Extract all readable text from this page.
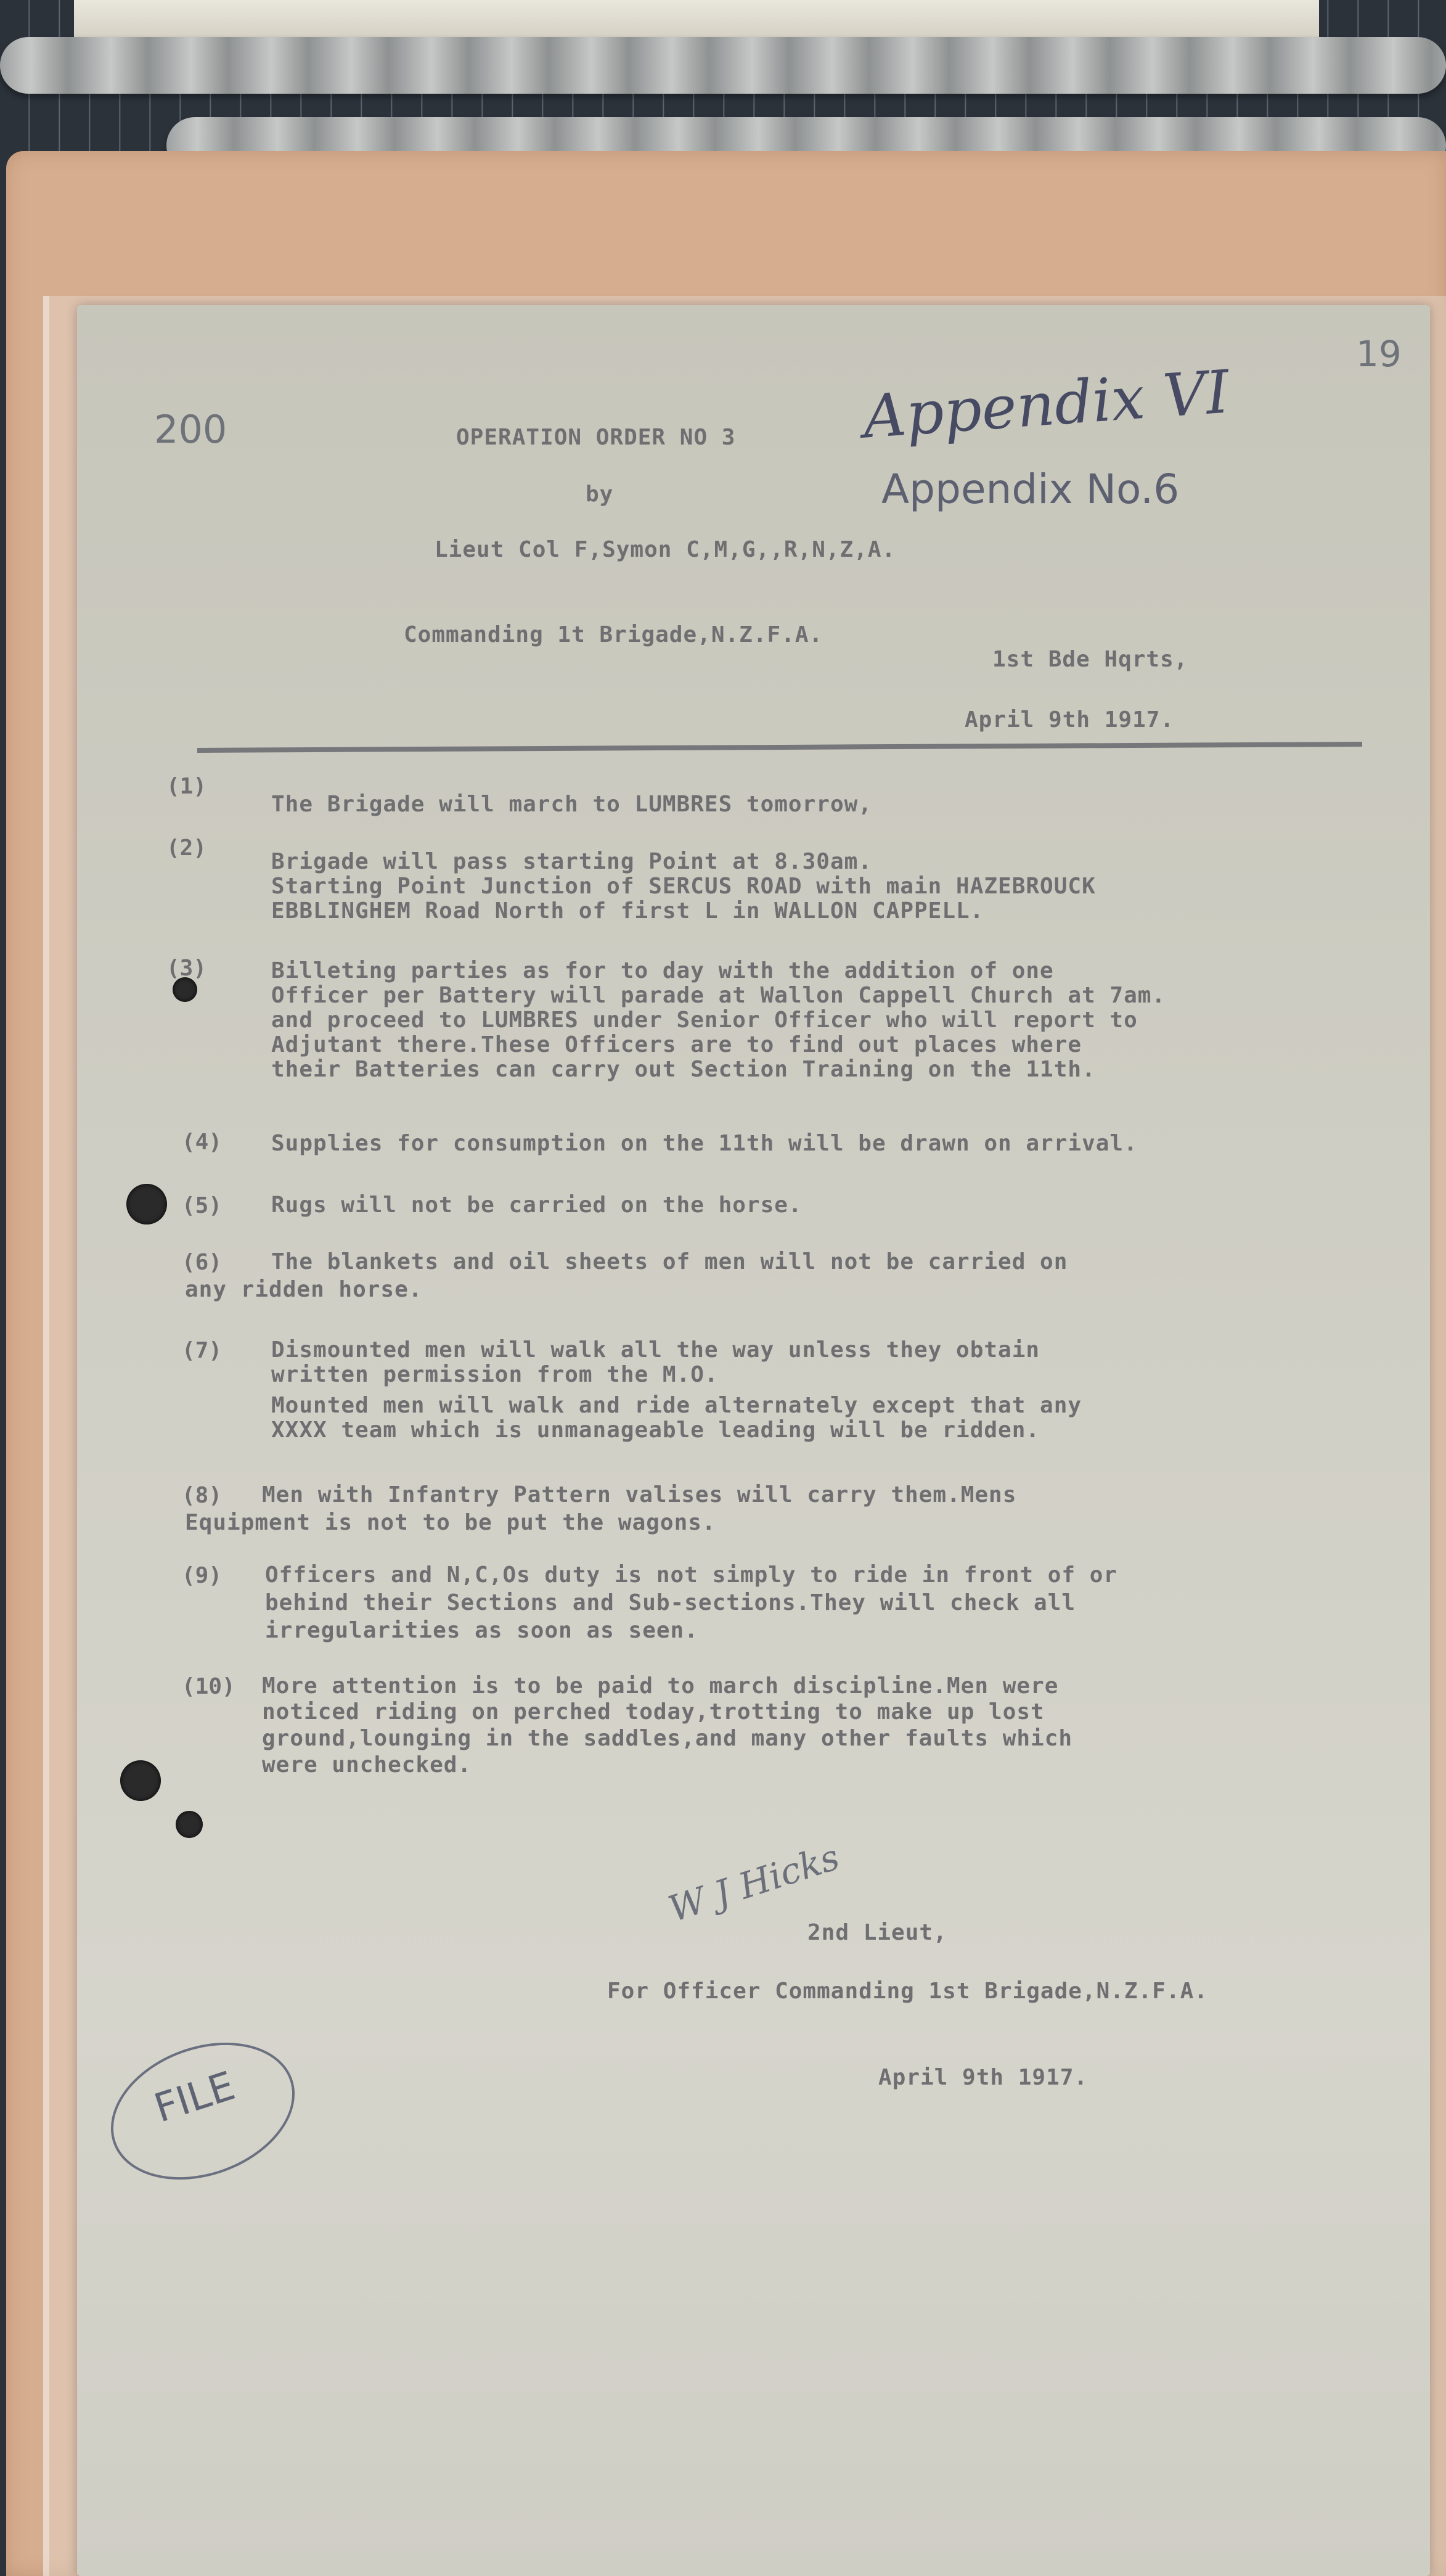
19
200	Appendix VI
Appendix No.6
OPERATION ORDER NO 3
by
Lieut Col F,Symon C,M,G,,R,N,Z,A.
Commanding 1t Brigade,N.Z.F.A.
1st Bde Hqrts,
April 9th 1917.
(1)
The Brigade will march to LUMBRES tomorrow,
(2)
Brigade will pass starting Point at 8.30am.
Starting Point Junction of SERCUS ROAD with main HAZEBROUCK
EBBLINGHEM Road North of first L in WALLON CAPPELL.
(3)	Billeting parties as for to day with the addition of one
Officer per Battery will parade at Wallon Cappell Church at 7am.
and proceed to LUMBRES under Senior Officer who will report to
Adjutant there.These Officers are to find out places where
their Batteries can carry out Section Training on the 11th.
(4) Supplies for consumption on the 11th will be drawn on arrival.
(5) Rugs will not be carried on the horse.
(6) The blankets and oil sheets of men will not be carried on
any ridden horse.
(7) Dismounted men will walk all the way unless they obtain
written permission from the M.O.
Mounted men will walk and ride alternately except that any
XXXX team which is unmanageable leading will be ridden.
(8) Men with Infantry Pattern valises will carry them.Mens
Equipment is not to be put the wagons.
(9) Officers and N,C,Os duty is not simply to ride in front of or
behind their Sections and Sub-sections.They will check all
irregularities as soon as seen.
(10) More attention is to be paid to march discipline.Men were
noticed riding on perched today,trotting to make up lost
ground,lounging in the saddles,and many other faults which
were unchecked.
W J Hicks
2nd Lieut,
For Officer Commanding 1st Brigade,N.Z.F.A.
April 9th 1917.
FILE
